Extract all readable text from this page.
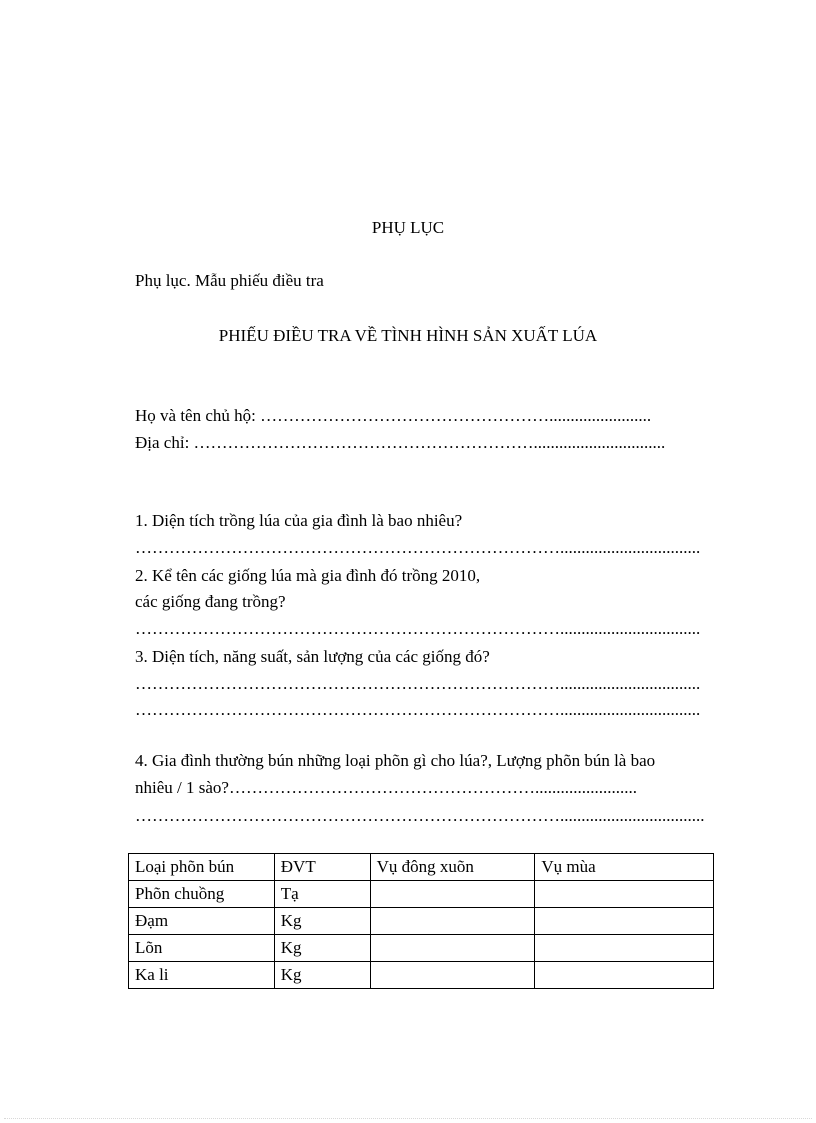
PHỤ LỤC
Phụ lục. Mẫu phiếu điều tra
PHIẾU ĐIỀU TRA VỀ TÌNH HÌNH SẢN XUẤT LÚA
Họ và tên chủ hộ: ……………………………………………........................
Địa chỉ: ……………………………………………………...............................
1. Diện tích trồng lúa của gia đình là bao nhiêu?
………………………………………………………………….................................
2. Kể tên các giống lúa mà gia đình đó trồng 2010,
các giống đang trồng?
………………………………………………………………….................................
3. Diện tích, năng suất, sản lượng của các giống đó?
………………………………………………………………….................................
………………………………………………………………….................................
4. Gia đình thường bún những loại phõn gì cho lúa?, Lượng phõn bún là bao
nhiêu / 1 sào?………………………………………………........................
…………………………………………………………………..................................
Loại phõn bún	ĐVT	Vụ đông xuõn	Vụ mùa
Phõn chuồng	Tạ		
Đạm	Kg		
Lõn	Kg		
Ka li	Kg		
